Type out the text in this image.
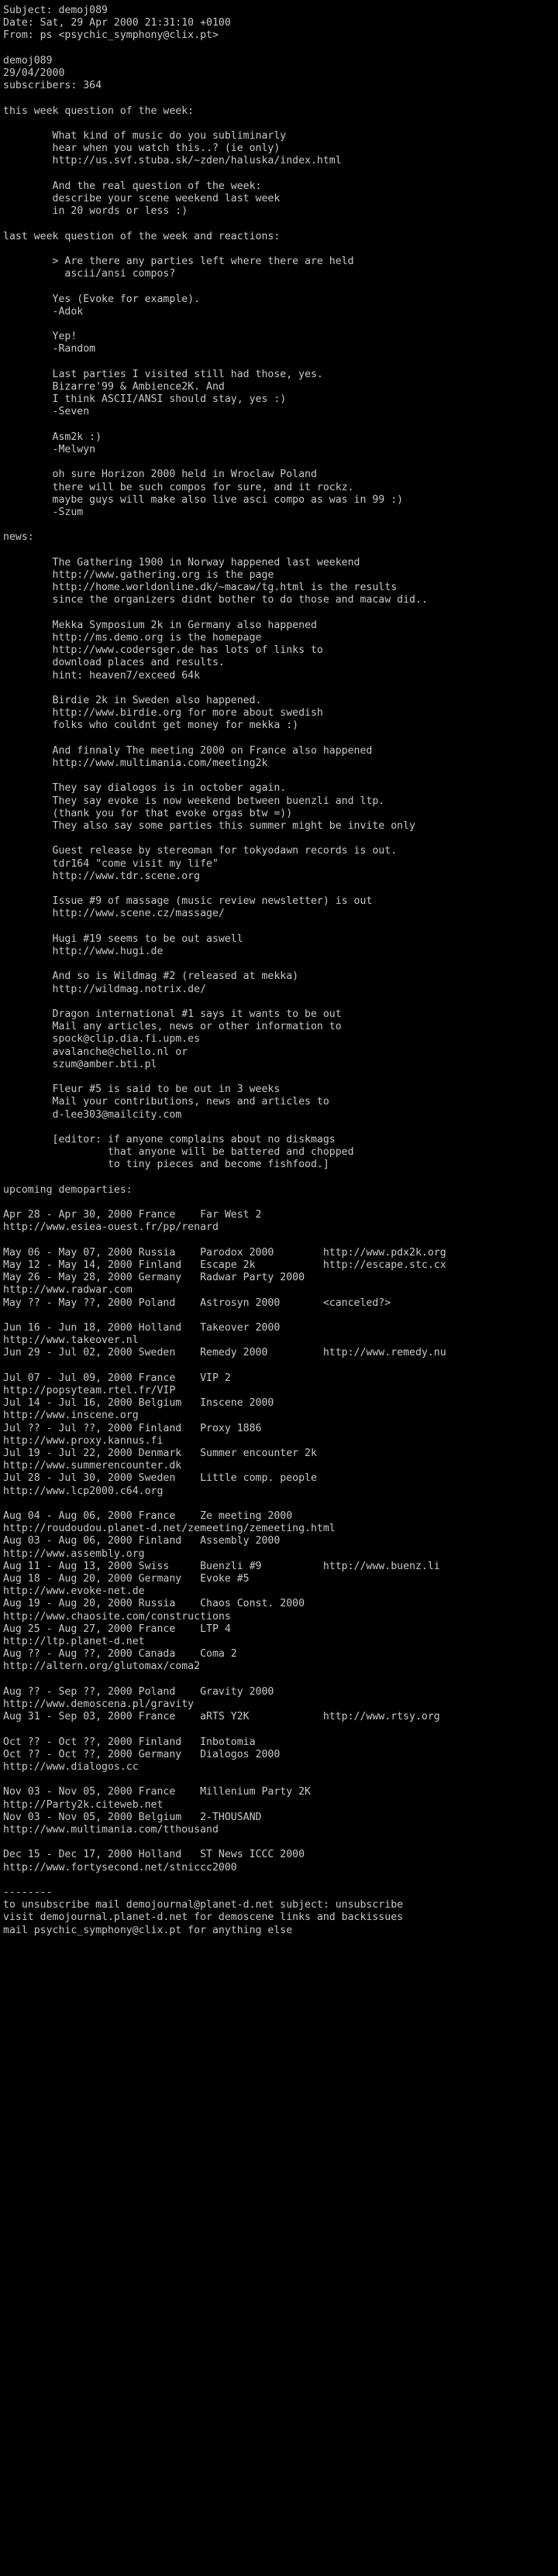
Subject: demoj089
Date: Sat, 29 Apr 2000 21:31:10 +0100
From: ps <psychic_symphony@clix.pt>
demoj089
29/04/2000
subscribers: 364
this week question of the week:
What kind of music do you subliminarly
hear when you watch this..? (ie only)
http://us.svf.stuba.sk/~zden/haluska/index.html
And the real question of the week:
describe your scene weekend last week
in 20 words or less :)
last week question of the week and reactions:
> Are there any parties left where there are held
ascii/ansi compos?
Yes (Evoke for example).
-Adok
Yep!
-Random
Last parties I visited still had those, yes.
Bizarre'99 & Ambience2K. And
I think ASCII/ANSI should stay, yes :)
-Seven
Asm2k :)
-Melwyn
oh sure Horizon 2000 held in Wroclaw Poland
there will be such compos for sure, and it rockz.
maybe guys will make also live asci compo as was in 99 :)
-Szum
news:
The Gathering 1900 in Norway happened last weekend
http://www.gathering.org is the page
http://home.worldonline.dk/~macaw/tg.html is the results
since the organizers didnt bother to do those and macaw did..
Mekka Symposium 2k in Germany also happened
http://ms.demo.org is the homepage
http://www.codersger.de has lots of links to
download places and results.
hint: heaven7/exceed 64k
Birdie 2k in Sweden also happened.
http://www.birdie.org for more about swedish
folks who couldnt get money for mekka :)
And finnaly The meeting 2000 on France also happened
http://www.multimania.com/meeting2k
They say dialogos is in october again.
They say evoke is now weekend between buenzli and ltp.
(thank you for that evoke orgas btw =))
They also say some parties this summer might be invite only
Guest release by stereoman for tokyodawn records is out.
tdr164 "come visit my life"
http://www.tdr.scene.org
Issue #9 of massage (music review newsletter) is out
http://www.scene.cz/massage/
Hugi #19 seems to be out aswell
http://www.hugi.de
And so is Wildmag #2 (released at mekka)
http://wildmag.notrix.de/
Dragon international #1 says it wants to be out
Mail any articles, news or other information to
spock@clip.dia.fi.upm.es
avalanche@chello.nl or
szum@amber.bti.pl
Fleur #5 is said to be out in 3 weeks
Mail your contributions, news and articles to
d-lee303@mailcity.com
[editor: if anyone complains about no diskmags
that anyone will be battered and chopped
to tiny pieces and become fishfood.]
upcoming demoparties:
Apr 28 - Apr 30, 2000 France    Far West 2
http://www.esiea-ouest.fr/pp/renard
May 06 - May 07, 2000 Russia    Parodox 2000        http://www.pdx2k.org
May 12 - May 14, 2000 Finland   Escape 2k           http://escape.stc.cx
May 26 - May 28, 2000 Germany   Radwar Party 2000
http://www.radwar.com
May ?? - May ??, 2000 Poland    Astrosyn 2000       <canceled?>
Jun 16 - Jun 18, 2000 Holland   Takeover 2000
http://www.takeover.nl
Jun 29 - Jul 02, 2000 Sweden    Remedy 2000         http://www.remedy.nu
Jul 07 - Jul 09, 2000 France    VIP 2
http://popsyteam.rtel.fr/VIP
Jul 14 - Jul 16, 2000 Belgium   Inscene 2000
http://www.inscene.org
Jul ?? - Jul ??, 2000 Finland   Proxy 1886
http://www.proxy.kannus.fi
Jul 19 - Jul 22, 2000 Denmark   Summer encounter 2k
http://www.summerencounter.dk
Jul 28 - Jul 30, 2000 Sweden    Little comp. people
http://www.lcp2000.c64.org
Aug 04 - Aug 06, 2000 France    Ze meeting 2000
http://roudoudou.planet-d.net/zemeeting/zemeeting.html
Aug 03 - Aug 06, 2000 Finland   Assembly 2000
http://www.assembly.org
Aug 11 - Aug 13, 2000 Swiss     Buenzli #9          http://www.buenz.li
Aug 18 - Aug 20, 2000 Germany   Evoke #5
http://www.evoke-net.de
Aug 19 - Aug 20, 2000 Russia    Chaos Const. 2000
http://www.chaosite.com/constructions
Aug 25 - Aug 27, 2000 France    LTP 4
http://ltp.planet-d.net
Aug ?? - Aug ??, 2000 Canada    Coma 2
http://altern.org/glutomax/coma2
Aug ?? - Sep ??, 2000 Poland    Gravity 2000
http://www.demoscena.pl/gravity
Aug 31 - Sep 03, 2000 France    aRTS Y2K            http://www.rtsy.org
Oct ?? - Oct ??, 2000 Finland   Inbotomia
Oct ?? - Oct ??, 2000 Germany   Dialogos 2000
http://www.dialogos.cc
Nov 03 - Nov 05, 2000 France    Millenium Party 2K
http://Party2k.citeweb.net
Nov 03 - Nov 05, 2000 Belgium   2-THOUSAND
http://www.multimania.com/tthousand
Dec 15 - Dec 17, 2000 Holland   ST News ICCC 2000
http://www.fortysecond.net/stniccc2000
--------
to unsubscribe mail demojournal@planet-d.net subject: unsubscribe
visit demojournal.planet-d.net for demoscene links and backissues
mail psychic_symphony@clix.pt for anything else
